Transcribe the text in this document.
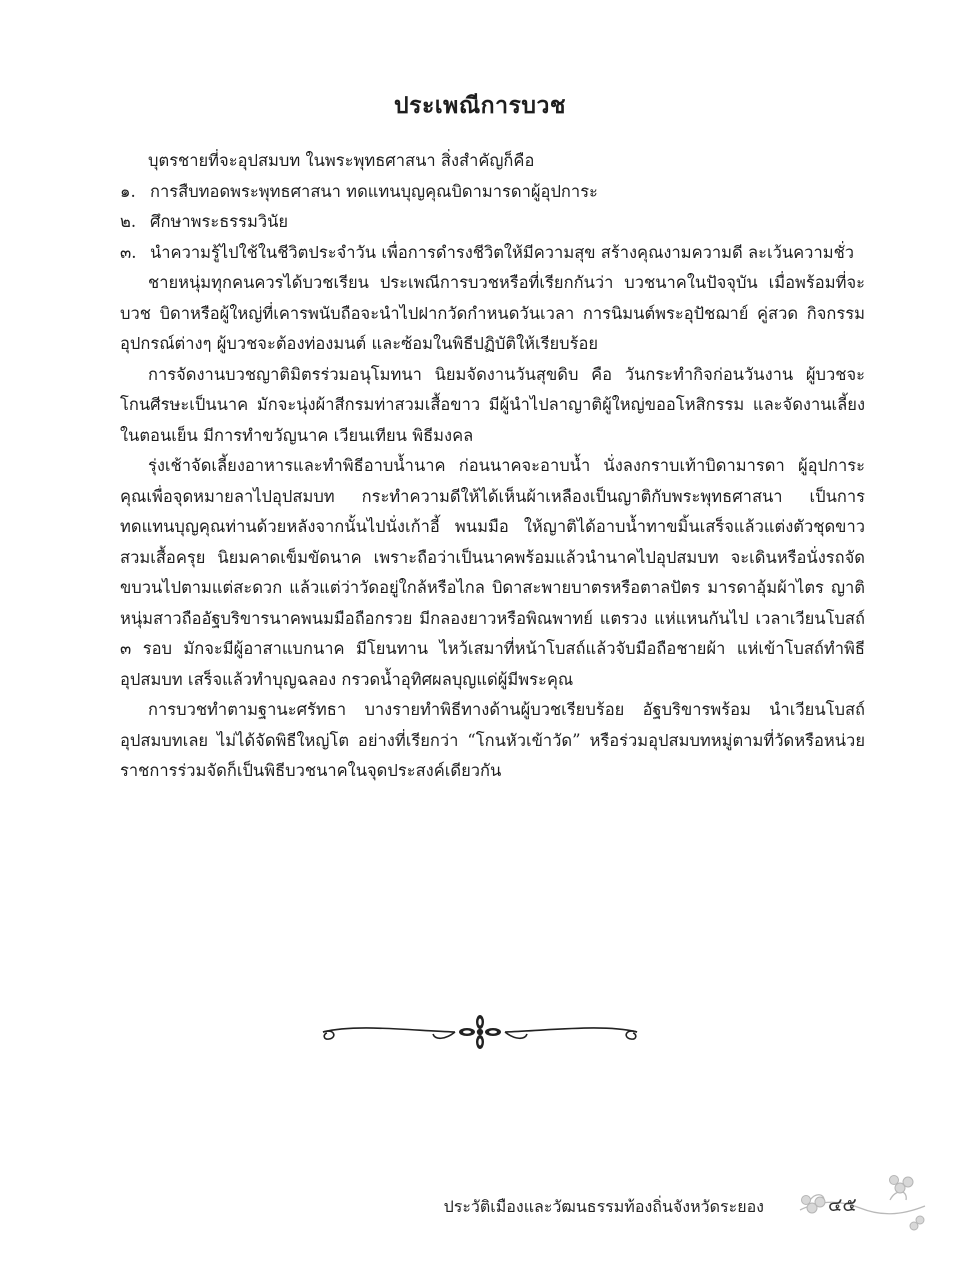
ประเพณีการบวช

บุตรชายที่จะอุปสมบท ในพระพุทธศาสนา สิ่งสำคัญก็คือ

๑. การสืบทอดพระพุทธศาสนา ทดแทนบุญคุณบิดามารดาผู้อุปการะ
๒. ศึกษาพระธรรมวินัย
๓. นำความรู้ไปใช้ในชีวิตประจำวัน เพื่อการดำรงชีวิตให้มีความสุข สร้างคุณงามความดี ละเว้นความชั่ว

ชายหนุ่มทุกคนควรได้บวชเรียน ประเพณีการบวชหรือที่เรียกกันว่า บวชนาคในปัจจุบัน เมื่อพร้อมที่จะบวช บิดาหรือผู้ใหญ่ที่เคารพนับถือจะนำไปฝากวัดกำหนดวันเวลา การนิมนต์พระอุปัชฌาย์ คู่สวด กิจกรรม อุปกรณ์ต่างๆ ผู้บวชจะต้องท่องมนต์ และซ้อมในพิธีปฏิบัติให้เรียบร้อย

การจัดงานบวชญาติมิตรร่วมอนุโมทนา นิยมจัดงานวันสุขดิบ คือ วันกระทำกิจก่อนวันงาน ผู้บวชจะโกนศีรษะเป็นนาค มักจะนุ่งผ้าสีกรมท่าสวมเสื้อขาว มีผู้นำไปลาญาติผู้ใหญ่ขออโหสิกรรม และจัดงานเลี้ยงในตอนเย็น มีการทำขวัญนาค เวียนเทียน พิธีมงคล

รุ่งเช้าจัดเลี้ยงอาหารและทำพิธีอาบน้ำนาค ก่อนนาคจะอาบน้ำ นั่งลงกราบเท้าบิดามารดา ผู้อุปการะคุณเพื่อจุดหมายลาไปอุปสมบท กระทำความดีให้ได้เห็นผ้าเหลืองเป็นญาติกับพระพุทธศาสนา เป็นการทดแทนบุญคุณท่านด้วยหลังจากนั้นไปนั่งเก้าอี้ พนมมือ ให้ญาติได้อาบน้ำทาขมิ้นเสร็จแล้วแต่งตัวชุดขาวสวมเสื้อครุย นิยมคาดเข็มขัดนาค เพราะถือว่าเป็นนาคพร้อมแล้วนำนาคไปอุปสมบท จะเดินหรือนั่งรถจัดขบวนไปตามแต่สะดวก แล้วแต่ว่าวัดอยู่ใกล้หรือไกล บิดาสะพายบาตรหรือตาลปัตร มารดาอุ้มผ้าไตร ญาติหนุ่มสาวถืออัฐบริขารนาคพนมมือถือกรวย มีกลองยาวหรือพิณพาทย์ แตรวง แห่แหนกันไป เวลาเวียนโบสถ์ ๓ รอบ มักจะมีผู้อาสาแบกนาค มีโยนทาน ไหว้เสมาที่หน้าโบสถ์แล้วจับมือถือชายผ้า แห่เข้าโบสถ์ทำพิธีอุปสมบท เสร็จแล้วทำบุญฉลอง กรวดน้ำอุทิศผลบุญแด่ผู้มีพระคุณ

การบวชทำตามฐานะศรัทธา บางรายทำพิธีทางด้านผู้บวชเรียบร้อย อัฐบริขารพร้อม นำเวียนโบสถ์อุปสมบทเลย ไม่ได้จัดพิธีใหญ่โต อย่างที่เรียกว่า “โกนหัวเข้าวัด” หรือร่วมอุปสมบทหมู่ตามที่วัดหรือหน่วยราชการร่วมจัดก็เป็นพิธีบวชนาคในจุดประสงค์เดียวกัน

ประวัติเมืองและวัฒนธรรมท้องถิ่นจังหวัดระยอง	๔๕
